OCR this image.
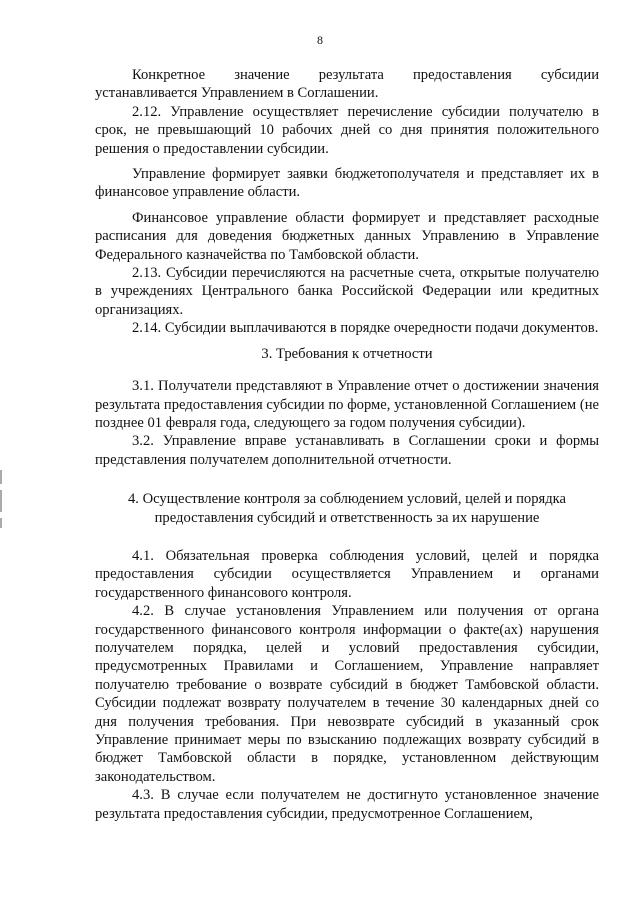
8

Конкретное значение результата предоставления субсидии устанавливается Управлением в Соглашении.

2.12. Управление осуществляет перечисление субсидии получателю в срок, не превышающий 10 рабочих дней со дня принятия положительного решения о предоставлении субсидии.

Управление формирует заявки бюджетополучателя и представляет их в финансовое управление области.

Финансовое управление области формирует и представляет расходные расписания для доведения бюджетных данных Управлению в Управление Федерального казначейства по Тамбовской области.

2.13. Субсидии перечисляются на расчетные счета, открытые получателю в учреждениях Центрального банка Российской Федерации или кредитных организациях.

2.14. Субсидии выплачиваются в порядке очередности подачи документов.

3. Требования к отчетности

3.1. Получатели представляют в Управление отчет о достижении значения результата предоставления субсидии по форме, установленной Соглашением (не позднее 01 февраля года, следующего за годом получения субсидии).

3.2. Управление вправе устанавливать в Соглашении сроки и формы представления получателем дополнительной отчетности.

4. Осуществление контроля за соблюдением условий, целей и порядка предоставления субсидий и ответственность за их нарушение

4.1. Обязательная проверка соблюдения условий, целей и порядка предоставления субсидии осуществляется Управлением и органами государственного финансового контроля.

4.2. В случае установления Управлением или получения от органа государственного финансового контроля информации о факте(ах) нарушения получателем порядка, целей и условий предоставления субсидии, предусмотренных Правилами и Соглашением, Управление направляет получателю требование о возврате субсидий в бюджет Тамбовской области. Субсидии подлежат возврату получателем в течение 30 календарных дней со дня получения требования. При невозврате субсидий в указанный срок Управление принимает меры по взысканию подлежащих возврату субсидий в бюджет Тамбовской области в порядке, установленном действующим законодательством.

4.3. В случае если получателем не достигнуто установленное значение результата предоставления субсидии, предусмотренное Соглашением,
